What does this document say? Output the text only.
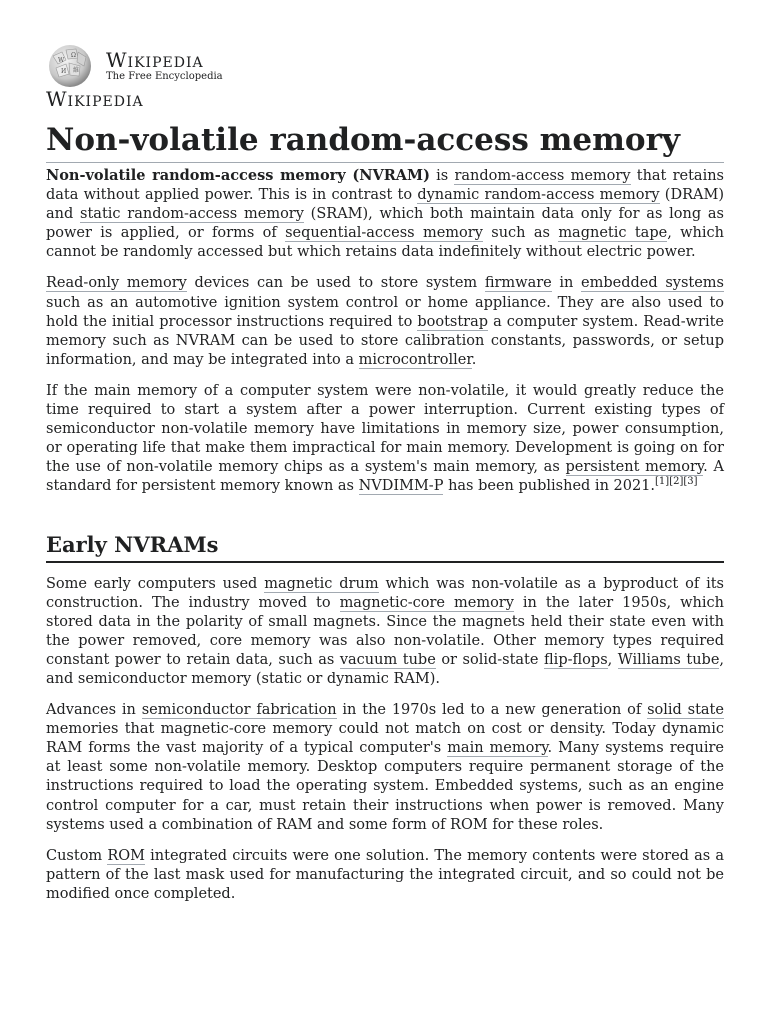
W
Ω
И 維 Wikipedia
The Free Encyclopedia
Wikipedia
Non-volatile random-access memory

Non-volatile random-access memory (NVRAM) is random-access memory that retains data without applied power. This is in contrast to dynamic random-access memory (DRAM) and static random-access memory (SRAM), which both maintain data only for as long as power is applied, or forms of sequential-access memory such as magnetic tape, which cannot be randomly accessed but which retains data indefinitely without electric power.

Read-only memory devices can be used to store system firmware in embedded systems such as an automotive ignition system control or home appliance. They are also used to hold the initial processor instructions required to bootstrap a computer system. Read-write memory such as NVRAM can be used to store calibration constants, passwords, or setup information, and may be integrated into a microcontroller.

If the main memory of a computer system were non-volatile, it would greatly reduce the time required to start a system after a power interruption. Current existing types of semiconductor non-volatile memory have limitations in memory size, power consumption, or operating life that make them impractical for main memory. Development is going on for the use of non-volatile memory chips as a system's main memory, as persistent memory. A standard for persistent memory known as NVDIMM-P has been published in 2021.[1][2][3]

Early NVRAMs

Some early computers used magnetic drum which was non-volatile as a byproduct of its construction. The industry moved to magnetic-core memory in the later 1950s, which stored data in the polarity of small magnets. Since the magnets held their state even with the power removed, core memory was also non-volatile. Other memory types required constant power to retain data, such as vacuum tube or solid-state flip-flops, Williams tube, and semiconductor memory (static or dynamic RAM).

Advances in semiconductor fabrication in the 1970s led to a new generation of solid state memories that magnetic-core memory could not match on cost or density. Today dynamic RAM forms the vast majority of a typical computer's main memory. Many systems require at least some non-volatile memory. Desktop computers require permanent storage of the instructions required to load the operating system. Embedded systems, such as an engine control computer for a car, must retain their instructions when power is removed. Many systems used a combination of RAM and some form of ROM for these roles.

Custom ROM integrated circuits were one solution. The memory contents were stored as a pattern of the last mask used for manufacturing the integrated circuit, and so could not be modified once completed.
